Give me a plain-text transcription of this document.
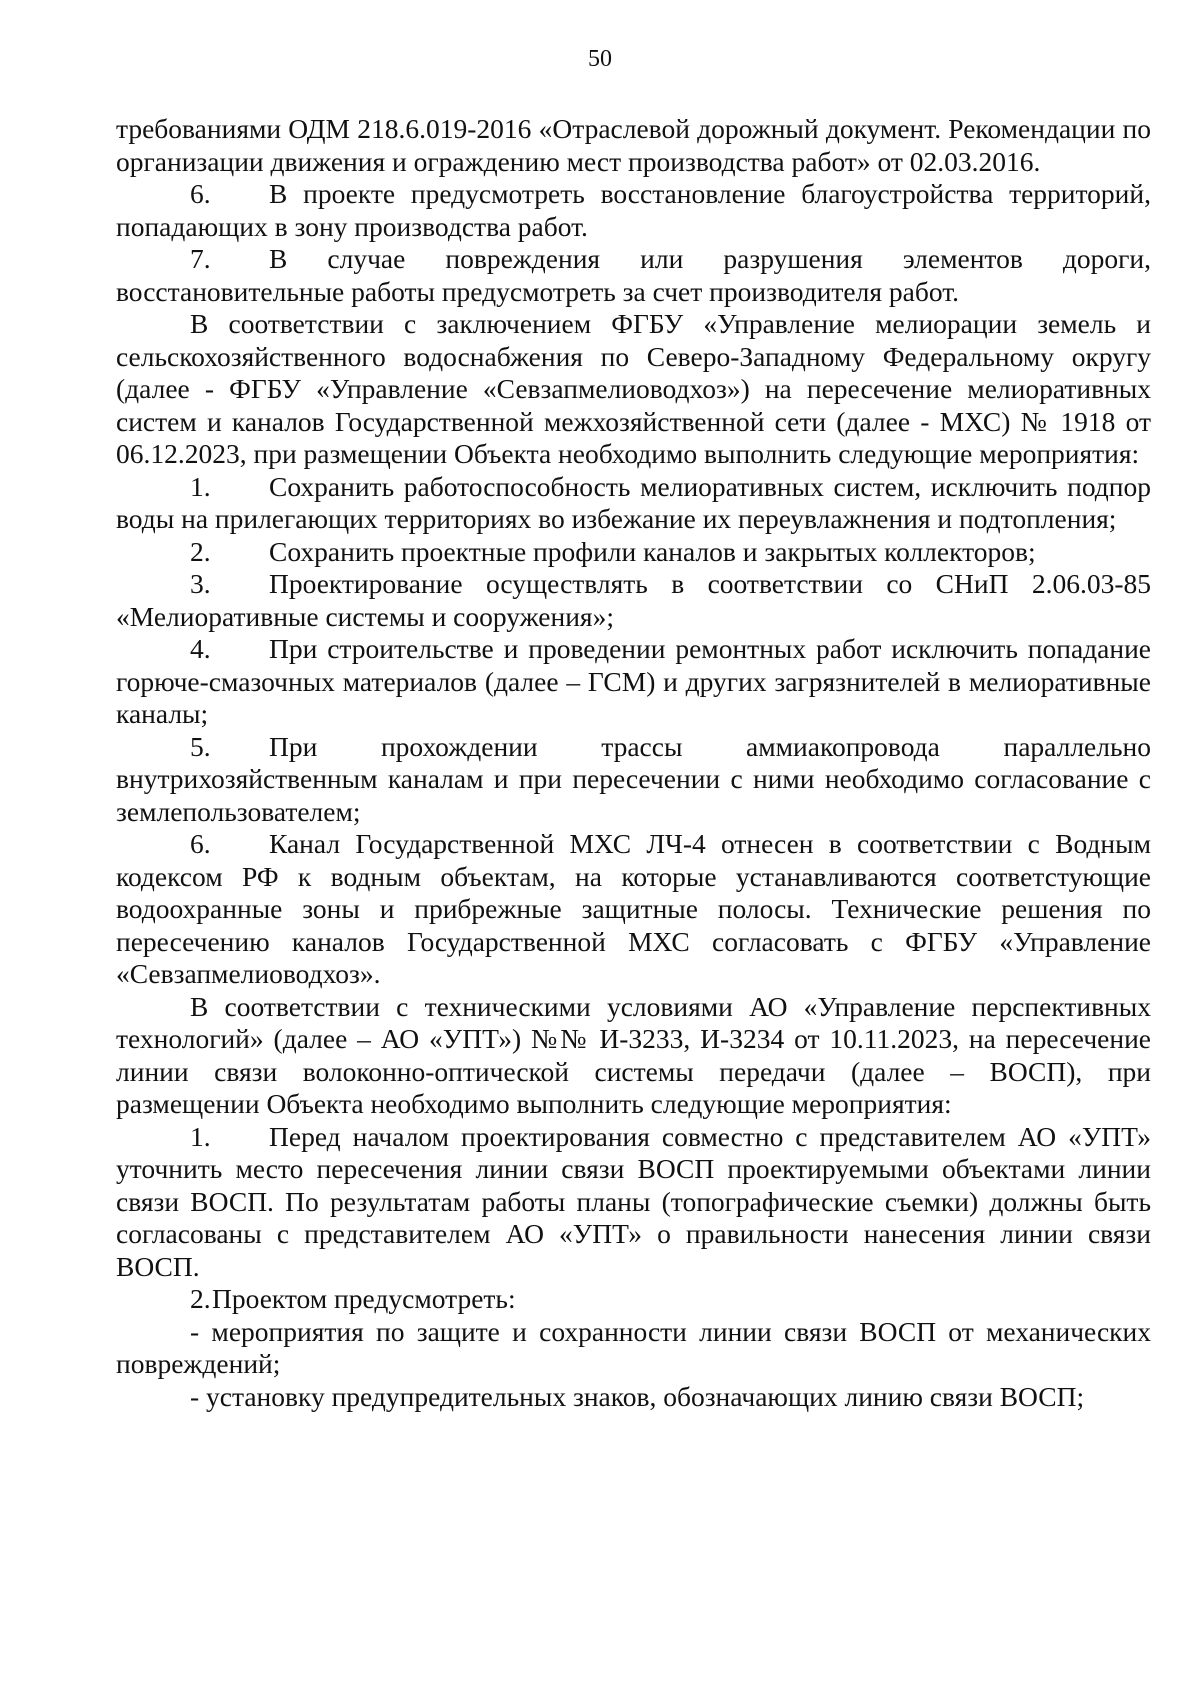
50

требованиями ОДМ 218.6.019-2016 «Отраслевой дорожный документ. Рекомендации по организации движения и ограждению мест производства работ» от 02.03.2016.

6. В проекте предусмотреть восстановление благоустройства территорий, попадающих в зону производства работ.

7. В случае повреждения или разрушения элементов дороги, восстановительные работы предусмотреть за счет производителя работ.

В соответствии с заключением ФГБУ «Управление мелиорации земель и сельскохозяйственного водоснабжения по Северо-Западному Федеральному округу (далее - ФГБУ «Управление «Севзапмелиоводхоз») на пересечение мелиоративных систем и каналов Государственной межхозяйственной сети (далее - МХС) № 1918 от 06.12.2023, при размещении Объекта необходимо выполнить следующие мероприятия:

1. Сохранить работоспособность мелиоративных систем, исключить подпор воды на прилегающих территориях во избежание их переувлажнения и подтопления;

2. Сохранить проектные профили каналов и закрытых коллекторов;

3. Проектирование осуществлять в соответствии со СНиП 2.06.03-85 «Мелиоративные системы и сооружения»;

4. При строительстве и проведении ремонтных работ исключить попадание горюче-смазочных материалов (далее – ГСМ) и других загрязнителей в мелиоративные каналы;

5. При прохождении трассы аммиакопровода параллельно внутрихозяйственным каналам и при пересечении с ними необходимо согласование с землепользователем;

6. Канал Государственной МХС ЛЧ-4 отнесен в соответствии с Водным кодексом РФ к водным объектам, на которые устанавливаются соответстующие водоохранные зоны и прибрежные защитные полосы. Технические решения по пересечению каналов Государственной МХС согласовать с ФГБУ «Управление «Севзапмелиоводхоз».

В соответствии с техническими условиями АО «Управление перспективных технологий» (далее – АО «УПТ») №№ И-3233, И-3234 от 10.11.2023, на пересечение линии связи волоконно-оптической системы передачи (далее – ВОСП), при размещении Объекта необходимо выполнить следующие мероприятия:

1. Перед началом проектирования совместно с представителем АО «УПТ» уточнить место пересечения линии связи ВОСП проектируемыми объектами линии связи ВОСП. По результатам работы планы (топографические съемки) должны быть согласованы с представителем АО «УПТ» о правильности нанесения линии связи ВОСП.

2.Проектом предусмотреть:

- мероприятия по защите и сохранности линии связи ВОСП от механических повреждений;

- установку предупредительных знаков, обозначающих линию связи ВОСП;
